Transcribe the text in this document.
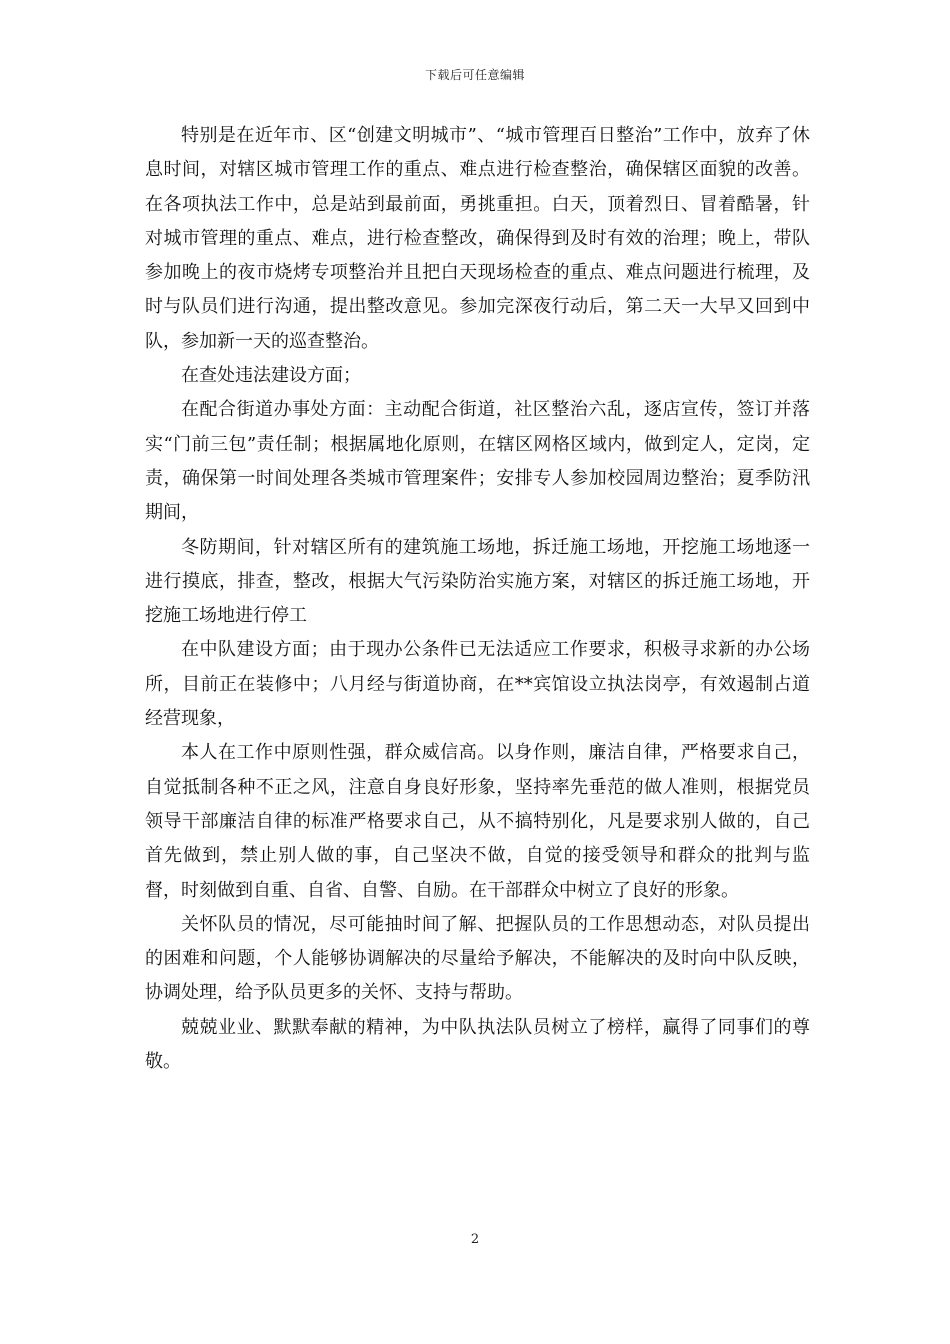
下载后可任意编辑

特别是在近年市、区“创建文明城市”、“城市管理百日整治”工作中，放弃了休息时间，对辖区城市管理工作的重点、难点进行检查整治，确保辖区面貌的改善。在各项执法工作中，总是站到最前面，勇挑重担。白天，顶着烈日、冒着酷暑，针对城市管理的重点、难点，进行检查整改，确保得到及时有效的治理；晚上，带队参加晚上的夜市烧烤专项整治并且把白天现场检查的重点、难点问题进行梳理，及时与队员们进行沟通，提出整改意见。参加完深夜行动后，第二天一大早又回到中队，参加新一天的巡查整治。

在查处违法建设方面；

在配合街道办事处方面：主动配合街道，社区整治六乱，逐店宣传，签订并落实“门前三包”责任制；根据属地化原则，在辖区网格区域内，做到定人，定岗，定责，确保第一时间处理各类城市管理案件；安排专人参加校园周边整治；夏季防汛期间，

冬防期间，针对辖区所有的建筑施工场地，拆迁施工场地，开挖施工场地逐一进行摸底，排查，整改，根据大气污染防治实施方案，对辖区的拆迁施工场地，开挖施工场地进行停工

在中队建设方面；由于现办公条件已无法适应工作要求，积极寻求新的办公场所，目前正在装修中；八月经与街道协商，在**宾馆设立执法岗亭，有效遏制占道经营现象，

本人在工作中原则性强，群众威信高。以身作则，廉洁自律，严格要求自己，自觉抵制各种不正之风，注意自身良好形象，坚持率先垂范的做人准则，根据党员领导干部廉洁自律的标准严格要求自己，从不搞特别化，凡是要求别人做的，自己首先做到，禁止别人做的事，自己坚决不做，自觉的接受领导和群众的批判与监督，时刻做到自重、自省、自警、自励。在干部群众中树立了良好的形象。

关怀队员的情况，尽可能抽时间了解、把握队员的工作思想动态，对队员提出的困难和问题，个人能够协调解决的尽量给予解决，不能解决的及时向中队反映，协调处理，给予队员更多的关怀、支持与帮助。

兢兢业业、默默奉献的精神，为中队执法队员树立了榜样，赢得了同事们的尊敬。

2
